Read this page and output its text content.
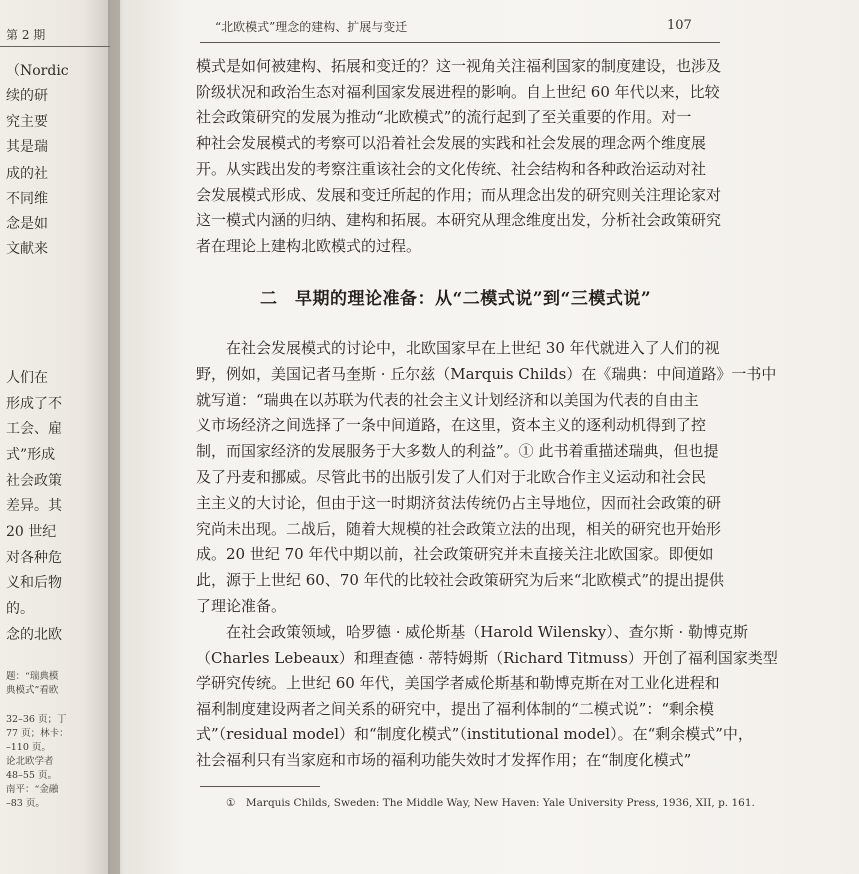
第 2 期
（Nordic
续的研
究主要
其是瑞
成的社
不同维
念是如
文献来
人们在
形成了不
工会、雇
式”形成
社会政策
差异。其
20 世纪
对各种危
义和后物
的。
念的北欧
题：“瑞典模
典模式”看欧
32–36 页；丁
77 页；林卡：
–110 页。
论北欧学者
48–55 页。
南平：“金融
–83 页。
“北欧模式”理念的建构、扩展与变迁	107
模式是如何被建构、拓展和变迁的？这一视角关注福利国家的制度建设，也涉及
阶级状况和政治生态对福利国家发展进程的影响。自上世纪 60 年代以来，比较
社会政策研究的发展为推动“北欧模式”的流行起到了至关重要的作用。对一
种社会发展模式的考察可以沿着社会发展的实践和社会发展的理念两个维度展
开。从实践出发的考察注重该社会的文化传统、社会结构和各种政治运动对社
会发展模式形成、发展和变迁所起的作用；而从理念出发的研究则关注理论家对
这一模式内涵的归纳、建构和拓展。本研究从理念维度出发，分析社会政策研究
者在理论上建构北欧模式的过程。
二　早期的理论准备：从“二模式说”到“三模式说”
　　在社会发展模式的讨论中，北欧国家早在上世纪 30 年代就进入了人们的视
野，例如，美国记者马奎斯 · 丘尔兹（Marquis Childs）在《瑞典：中间道路》一书中
就写道：“瑞典在以苏联为代表的社会主义计划经济和以美国为代表的自由主
义市场经济之间选择了一条中间道路，在这里，资本主义的逐利动机得到了控
制，而国家经济的发展服务于大多数人的利益”。① 此书着重描述瑞典，但也提
及了丹麦和挪威。尽管此书的出版引发了人们对于北欧合作主义运动和社会民
主主义的大讨论，但由于这一时期济贫法传统仍占主导地位，因而社会政策的研
究尚未出现。二战后，随着大规模的社会政策立法的出现，相关的研究也开始形
成。20 世纪 70 年代中期以前，社会政策研究并未直接关注北欧国家。即便如
此，源于上世纪 60、70 年代的比较社会政策研究为后来“北欧模式”的提出提供
了理论准备。
　　在社会政策领域，哈罗德 · 威伦斯基（Harold Wilensky）、查尔斯 · 勒博克斯
（Charles Lebeaux）和理查德 · 蒂特姆斯（Richard Titmuss）开创了福利国家类型
学研究传统。上世纪 60 年代，美国学者威伦斯基和勒博克斯在对工业化进程和
福利制度建设两者之间关系的研究中，提出了福利体制的“二模式说”：“剩余模
式”（residual model）和“制度化模式”（institutional model）。在“剩余模式”中，
社会福利只有当家庭和市场的福利功能失效时才发挥作用；在“制度化模式”
①　Marquis Childs, Sweden: The Middle Way, New Haven: Yale University Press, 1936, XII, p. 161.
